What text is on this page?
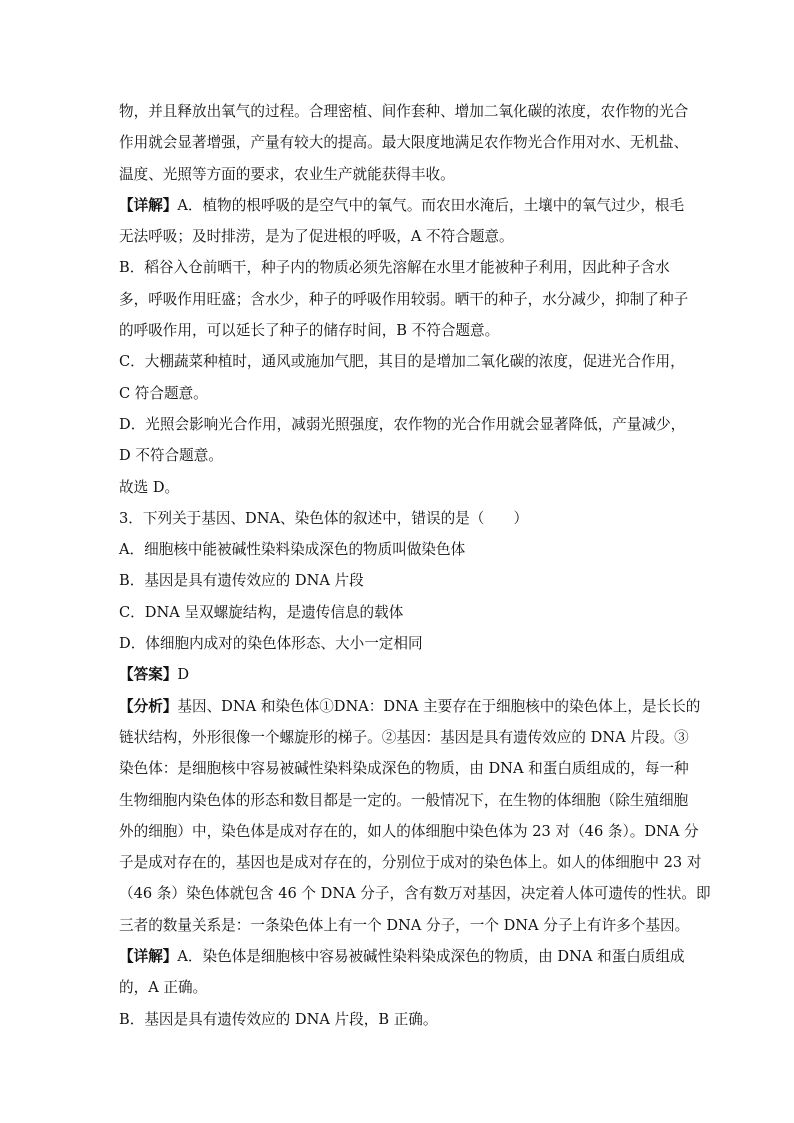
物，并且释放出氧气的过程。合理密植、间作套种、增加二氧化碳的浓度，农作物的光合
作用就会显著增强，产量有较大的提高。最大限度地满足农作物光合作用对水、无机盐、
温度、光照等方面的要求，农业生产就能获得丰收。
【详解】A．植物的根呼吸的是空气中的氧气。而农田水淹后，土壤中的氧气过少，根毛
无法呼吸；及时排涝，是为了促进根的呼吸，A 不符合题意。
B．稻谷入仓前晒干，种子内的物质必须先溶解在水里才能被种子利用，因此种子含水
多，呼吸作用旺盛；含水少，种子的呼吸作用较弱。晒干的种子，水分减少，抑制了种子
的呼吸作用，可以延长了种子的储存时间，B 不符合题意。
C．大棚蔬菜种植时，通风或施加气肥，其目的是增加二氧化碳的浓度，促进光合作用，
C 符合题意。
D．光照会影响光合作用，减弱光照强度，农作物的光合作用就会显著降低，产量减少，
D 不符合题意。
故选 D。
3．下列关于基因、DNA、染色体的叙述中，错误的是（　　）
A．细胞核中能被碱性染料染成深色的物质叫做染色体
B．基因是具有遗传效应的 DNA 片段
C．DNA 呈双螺旋结构，是遗传信息的载体
D．体细胞内成对的染色体形态、大小一定相同
【答案】D
【分析】基因、DNA 和染色体①DNA：DNA 主要存在于细胞核中的染色体上，是长长的
链状结构，外形很像一个螺旋形的梯子。②基因：基因是具有遗传效应的 DNA 片段。③
染色体：是细胞核中容易被碱性染料染成深色的物质，由 DNA 和蛋白质组成的，每一种
生物细胞内染色体的形态和数目都是一定的。一般情况下，在生物的体细胞（除生殖细胞
外的细胞）中，染色体是成对存在的，如人的体细胞中染色体为 23 对（46 条）。DNA 分
子是成对存在的，基因也是成对存在的，分别位于成对的染色体上。如人的体细胞中 23 对
（46 条）染色体就包含 46 个 DNA 分子，含有数万对基因，决定着人体可遗传的性状。即
三者的数量关系是：一条染色体上有一个 DNA 分子，一个 DNA 分子上有许多个基因。
【详解】A．染色体是细胞核中容易被碱性染料染成深色的物质，由 DNA 和蛋白质组成
的，A 正确。
B．基因是具有遗传效应的 DNA 片段，B 正确。
